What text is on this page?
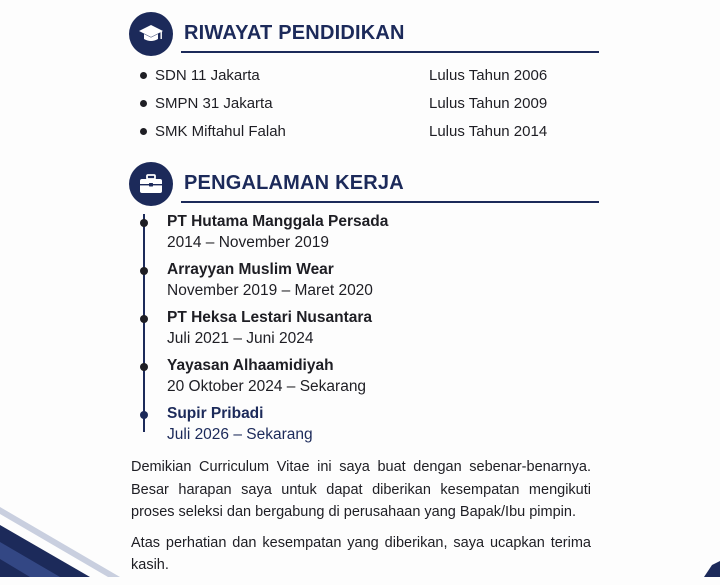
RIWAYAT PENDIDIKAN
SDN 11 Jakarta	Lulus Tahun 2006
SMPN 31 Jakarta	Lulus Tahun 2009
SMK Miftahul Falah	Lulus Tahun 2014
PENGALAMAN KERJA
PT Hutama Manggala Persada
2014 – November 2019
Arrayyan Muslim Wear
November 2019 – Maret 2020
PT Heksa Lestari Nusantara
Juli 2021 – Juni 2024
Yayasan Alhaamidiyah
20 Oktober 2024 – Sekarang
Supir Pribadi
Juli 2026 – Sekarang

Demikian Curriculum Vitae ini saya buat dengan sebenar-benarnya. Besar harapan saya untuk dapat diberikan kesempatan mengikuti proses seleksi dan bergabung di perusahaan yang Bapak/Ibu pimpin.

Atas perhatian dan kesempatan yang diberikan, saya ucapkan terima kasih.
